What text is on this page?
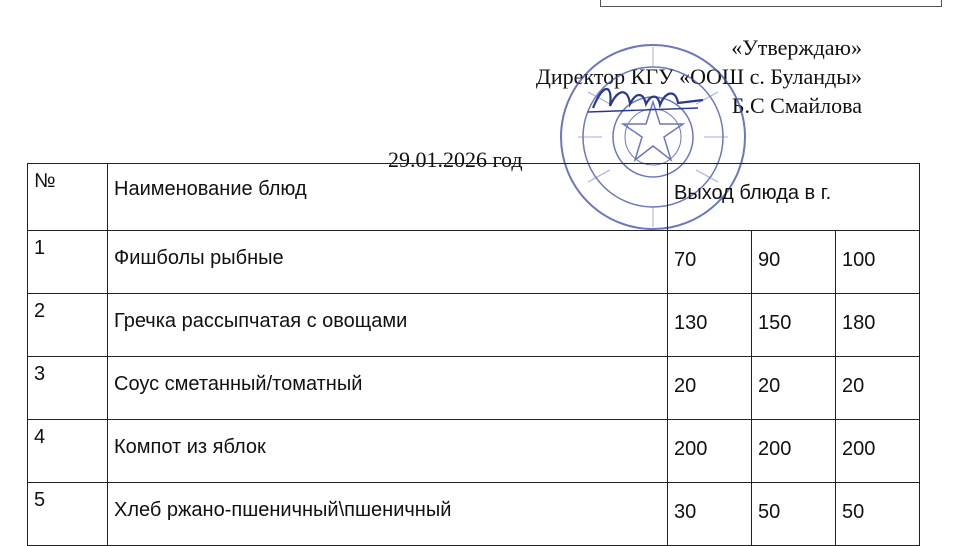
«Утверждаю»
Директор КГУ «ООШ с. Буланды»
Б.С Смайлова
29.01.2026 год
№	Наименование блюд	Выход блюда в г.		
1	Фишболы рыбные	70	90	100
2	Гречка рассыпчатая с овощами	130	150	180
3	Соус сметанный/томатный	20	20	20
4	Компот из яблок	200	200	200
5	Хлеб ржано-пшеничный\пшеничный	30	50	50
